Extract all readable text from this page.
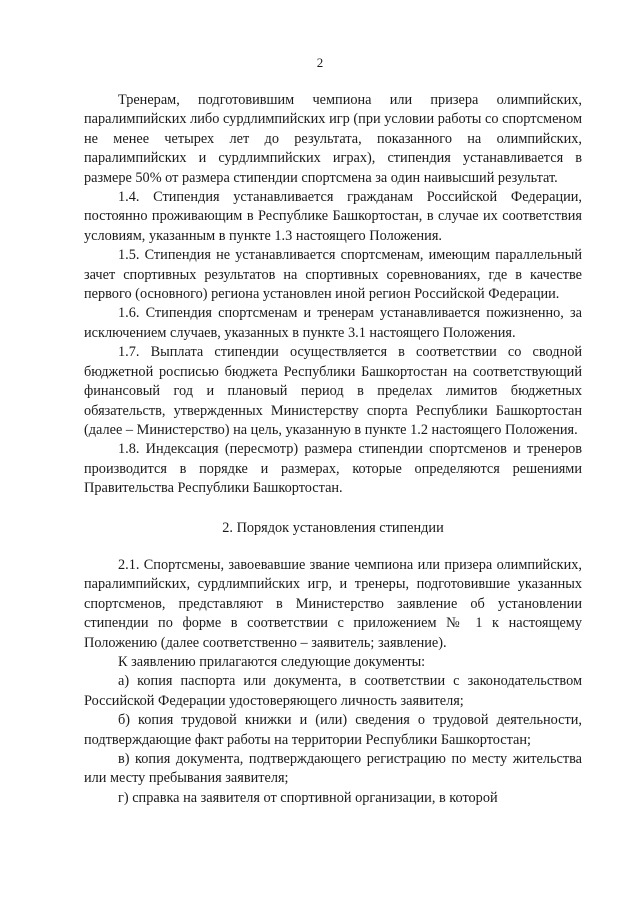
2

Тренерам, подготовившим чемпиона или призера олимпийских, паралимпийских либо сурдлимпийских игр (при условии работы со спортсменом не менее четырех лет до результата, показанного на олимпийских, паралимпийских и сурдлимпийских играх), стипендия устанавливается в размере 50% от размера стипендии спортсмена за один наивысший результат.

1.4. Стипендия устанавливается гражданам Российской Федерации, постоянно проживающим в Республике Башкортостан, в случае их соответствия условиям, указанным в пункте 1.3 настоящего Положения.

1.5. Стипендия не устанавливается спортсменам, имеющим параллельный зачет спортивных результатов на спортивных соревнованиях, где в качестве первого (основного) региона установлен иной регион Российской Федерации.

1.6. Стипендия спортсменам и тренерам устанавливается пожизненно, за исключением случаев, указанных в пункте 3.1 настоящего Положения.

1.7. Выплата стипендии осуществляется в соответствии со сводной бюджетной росписью бюджета Республики Башкортостан на соответствующий финансовый год и плановый период в пределах лимитов бюджетных обязательств, утвержденных Министерству спорта Республики Башкортостан (далее – Министерство) на цель, указанную в пункте 1.2 настоящего Положения.

1.8. Индексация (пересмотр) размера стипендии спортсменов и тренеров производится в порядке и размерах, которые определяются решениями Правительства Республики Башкортостан.

2. Порядок установления стипендии

2.1. Спортсмены, завоевавшие звание чемпиона или призера олимпийских, паралимпийских, сурдлимпийских игр, и тренеры, подготовившие указанных спортсменов, представляют в Министерство заявление об установлении стипендии по форме в соответствии с приложением № 1 к настоящему Положению (далее соответственно – заявитель; заявление).

К заявлению прилагаются следующие документы:

а) копия паспорта или документа, в соответствии с законодательством Российской Федерации удостоверяющего личность заявителя;

б) копия трудовой книжки и (или) сведения о трудовой деятельности, подтверждающие факт работы на территории Республики Башкортостан;

в) копия документа, подтверждающего регистрацию по месту жительства или месту пребывания заявителя;

г) справка на заявителя от спортивной организации, в которой
